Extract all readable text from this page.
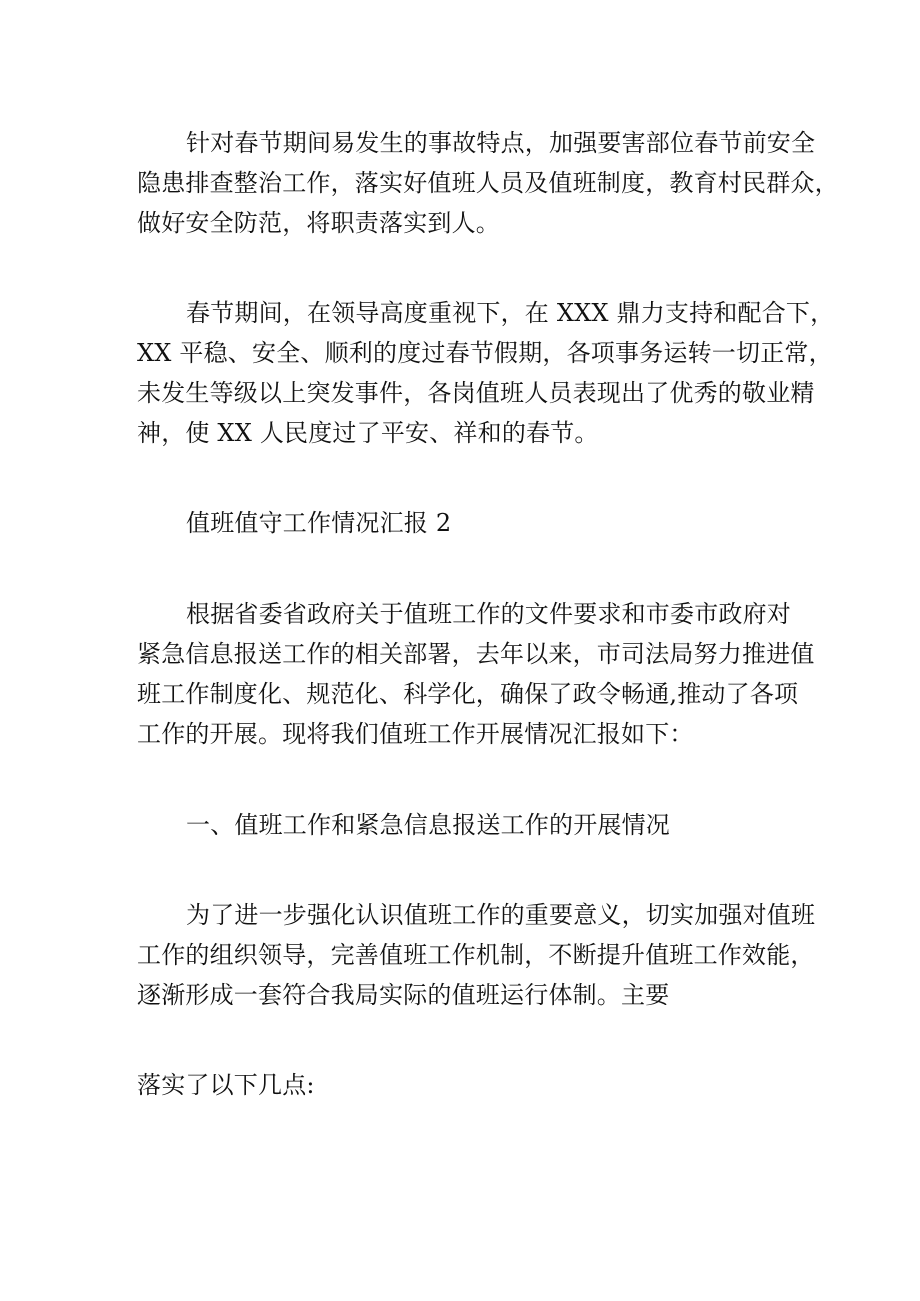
针对春节期间易发生的事故特点，加强要害部位春节前安全
隐患排查整治工作，落实好值班人员及值班制度，教育村民群众，
做好安全防范，将职责落实到人。
春节期间，在领导高度重视下，在 XXX 鼎力支持和配合下，
XX 平稳、安全、顺利的度过春节假期，各项事务运转一切正常，
未发生等级以上突发事件，各岗值班人员表现出了优秀的敬业精
神，使 XX 人民度过了平安、祥和的春节。
值班值守工作情况汇报 2
根据省委省政府关于值班工作的文件要求和市委市政府对
紧急信息报送工作的相关部署，去年以来，市司法局努力推进值
班工作制度化、规范化、科学化，确保了政令畅通,推动了各项
工作的开展。现将我们值班工作开展情况汇报如下：
一、值班工作和紧急信息报送工作的开展情况
为了进一步强化认识值班工作的重要意义，切实加强对值班
工作的组织领导，完善值班工作机制，不断提升值班工作效能，
逐渐形成一套符合我局实际的值班运行体制。主要
落实了以下几点:
